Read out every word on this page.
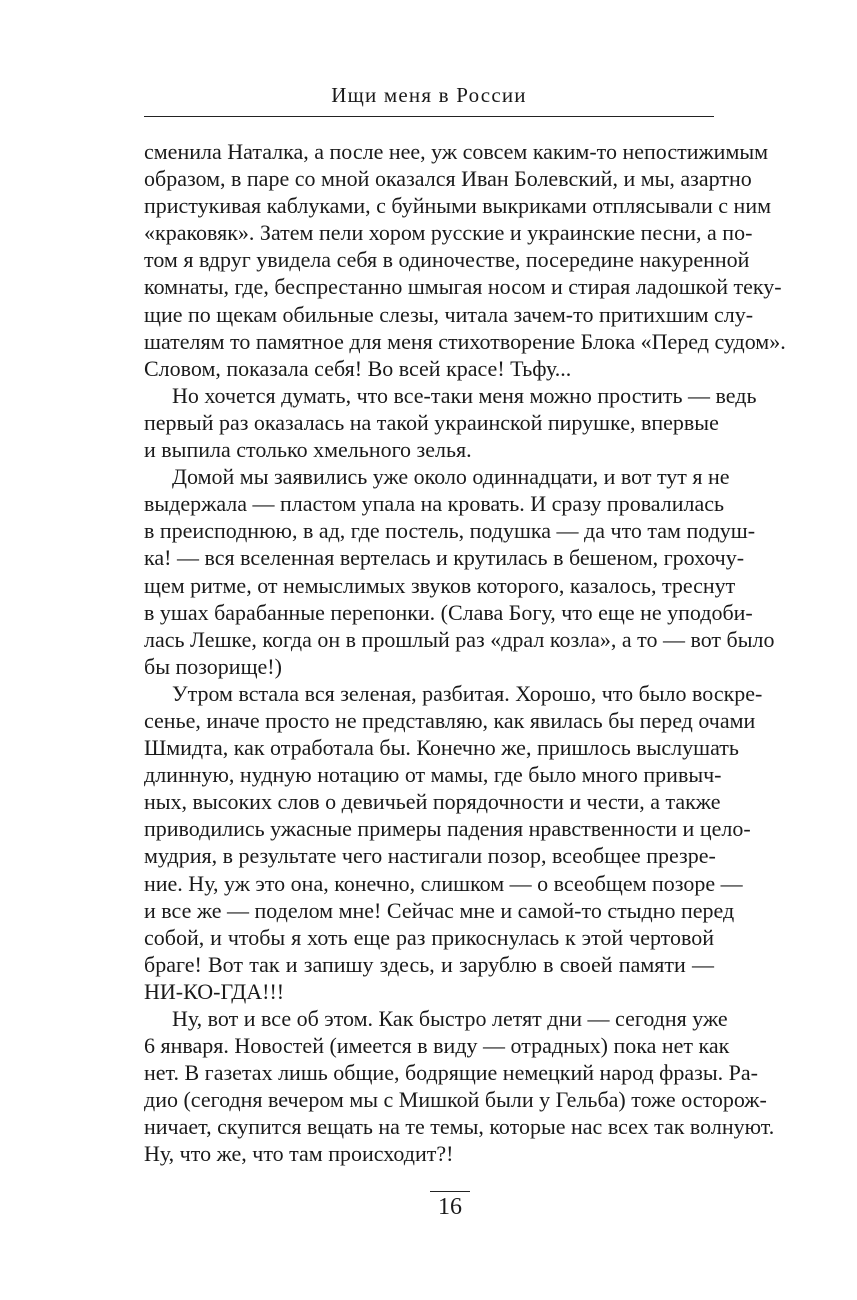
Ищи меня в России
сменила Наталка, а после нее, уж совсем каким-то непостижимым
образом, в паре со мной оказался Иван Болевский, и мы, азартно
пристукивая каблуками, с буйными выкриками отплясывали с ним
«краковяк». Затем пели хором русские и украинские песни, а по-
том я вдруг увидела себя в одиночестве, посередине накуренной
комнаты, где, беспрестанно шмыгая носом и стирая ладошкой теку-
щие по щекам обильные слезы, читала зачем-то притихшим слу-
шателям то памятное для меня стихотворение Блока «Перед судом».
Словом, показала себя! Во всей красе! Тьфу...
Но хочется думать, что все-таки меня можно простить — ведь
первый раз оказалась на такой украинской пирушке, впервые
и выпила столько хмельного зелья.
Домой мы заявились уже около одиннадцати, и вот тут я не
выдержала — пластом упала на кровать. И сразу провалилась
в преисподнюю, в ад, где постель, подушка — да что там подуш-
ка! — вся вселенная вертелась и крутилась в бешеном, грохочу-
щем ритме, от немыслимых звуков которого, казалось, треснут
в ушах барабанные перепонки. (Слава Богу, что еще не уподоби-
лась Лешке, когда он в прошлый раз «драл козла», а то — вот было
бы позорище!)
Утром встала вся зеленая, разбитая. Хорошо, что было воскре-
сенье, иначе просто не представляю, как явилась бы перед очами
Шмидта, как отработала бы. Конечно же, пришлось выслушать
длинную, нудную нотацию от мамы, где было много привыч-
ных, высоких слов о девичьей порядочности и чести, а также
приводились ужасные примеры падения нравственности и цело-
мудрия, в результате чего настигали позор, всеобщее презре-
ние. Ну, уж это она, конечно, слишком — о всеобщем позоре —
и все же — поделом мне! Сейчас мне и самой-то стыдно перед
собой, и чтобы я хоть еще раз прикоснулась к этой чертовой
браге! Вот так и запишу здесь, и зарублю в своей памяти —
НИ-КО-ГДА!!!
Ну, вот и все об этом. Как быстро летят дни — сегодня уже
6 января. Новостей (имеется в виду — отрадных) пока нет как
нет. В газетах лишь общие, бодрящие немецкий народ фразы. Ра-
дио (сегодня вечером мы с Мишкой были у Гельба) тоже осторож-
ничает, скупится вещать на те темы, которые нас всех так волнуют.
Ну, что же, что там происходит?!
16
